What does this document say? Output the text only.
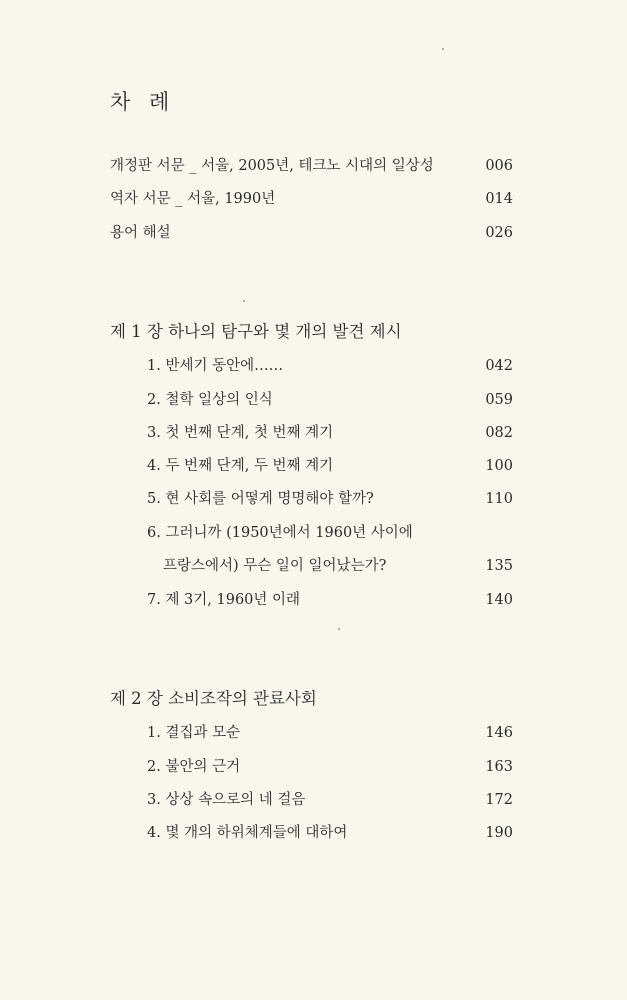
차 례
개정판 서문 _ 서울, 2005년, 테크노 시대의 일상성	006
역자 서문 _ 서울, 1990년	014
용어 해설	026
제 1 장 하나의 탐구와 몇 개의 발견 제시
1. 반세기 동안에……	042
2. 철학 일상의 인식	059
3. 첫 번째 단계, 첫 번째 계기	082
4. 두 번째 단계, 두 번째 계기	100
5. 현 사회를 어떻게 명명해야 할까?	110
6. 그러니까 (1950년에서 1960년 사이에
프랑스에서) 무슨 일이 일어났는가?	135
7. 제 3기, 1960년 이래	140
제 2 장 소비조작의 관료사회
1. 결집과 모순	146
2. 불안의 근거	163
3. 상상 속으로의 네 걸음	172
4. 몇 개의 하위체계들에 대하여	190
